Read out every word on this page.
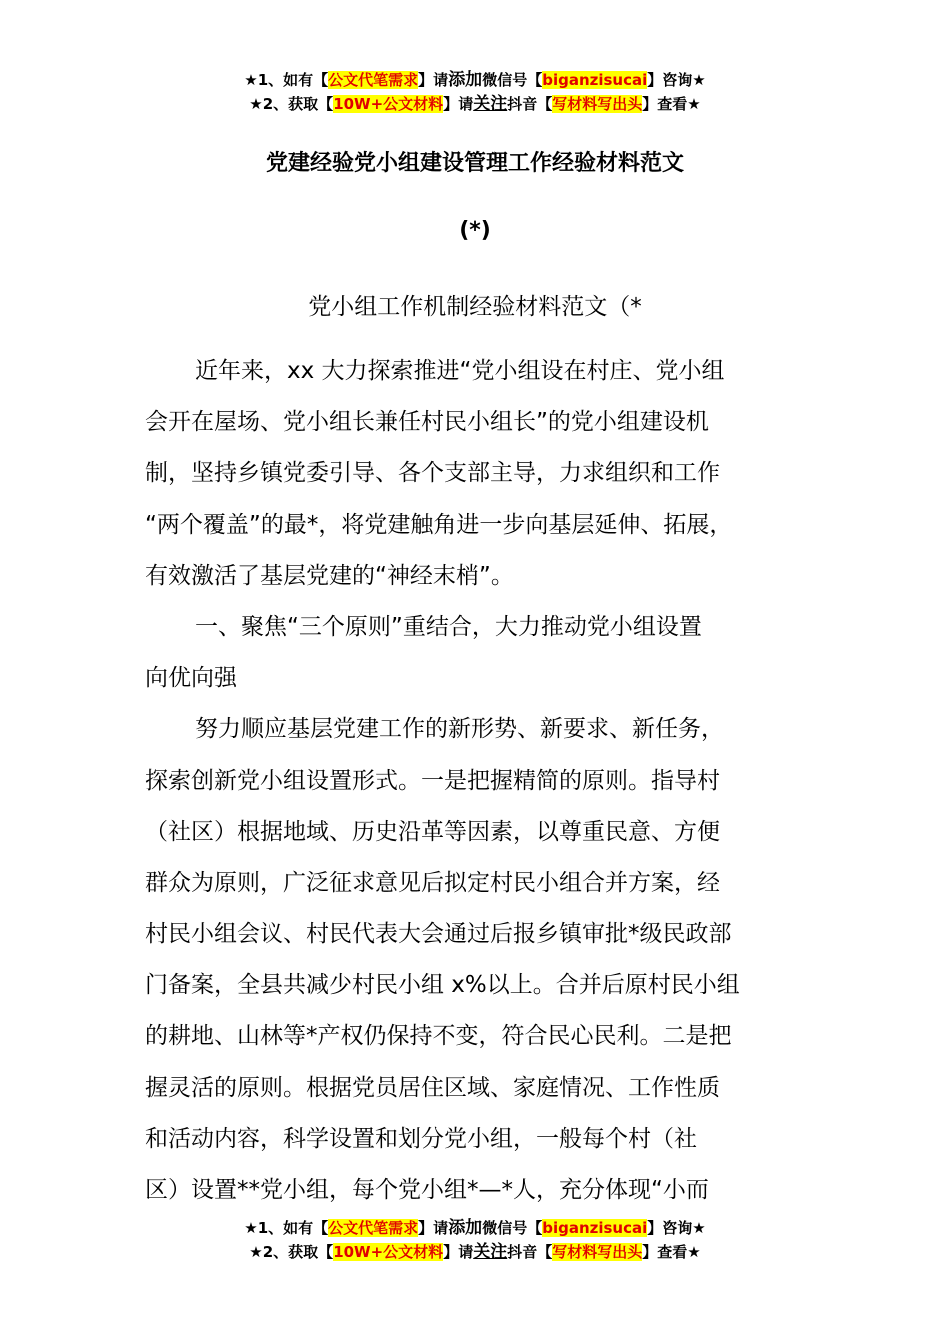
★1、如有【公文代笔需求】请添加微信号【biganzisucai】咨询★
★2、获取【10W+公文材料】请关注抖音【写材料写出头】查看★
党建经验党小组建设管理工作经验材料范文
(*)
党小组工作机制经验材料范文（*
近年来，xx 大力探索推进“党小组设在村庄、党小组
会开在屋场、党小组长兼任村民小组长”的党小组建设机
制，坚持乡镇党委引导、各个支部主导，力求组织和工作
“两个覆盖”的最*，将党建触角进一步向基层延伸、拓展，
有效激活了基层党建的“神经末梢”。
一、聚焦“三个原则”重结合，大力推动党小组设置
向优向强
努力顺应基层党建工作的新形势、新要求、新任务，
探索创新党小组设置形式。一是把握精简的原则。指导村
（社区）根据地域、历史沿革等因素，以尊重民意、方便
群众为原则，广泛征求意见后拟定村民小组合并方案，经
村民小组会议、村民代表大会通过后报乡镇审批*级民政部
门备案，全县共减少村民小组 x%以上。合并后原村民小组
的耕地、山林等*产权仍保持不变，符合民心民利。二是把
握灵活的原则。根据党员居住区域、家庭情况、工作性质
和活动内容，科学设置和划分党小组，一般每个村（社
区）设置**党小组，每个党小组*—*人，充分体现“小而
★1、如有【公文代笔需求】请添加微信号【biganzisucai】咨询★
★2、获取【10W+公文材料】请关注抖音【写材料写出头】查看★
